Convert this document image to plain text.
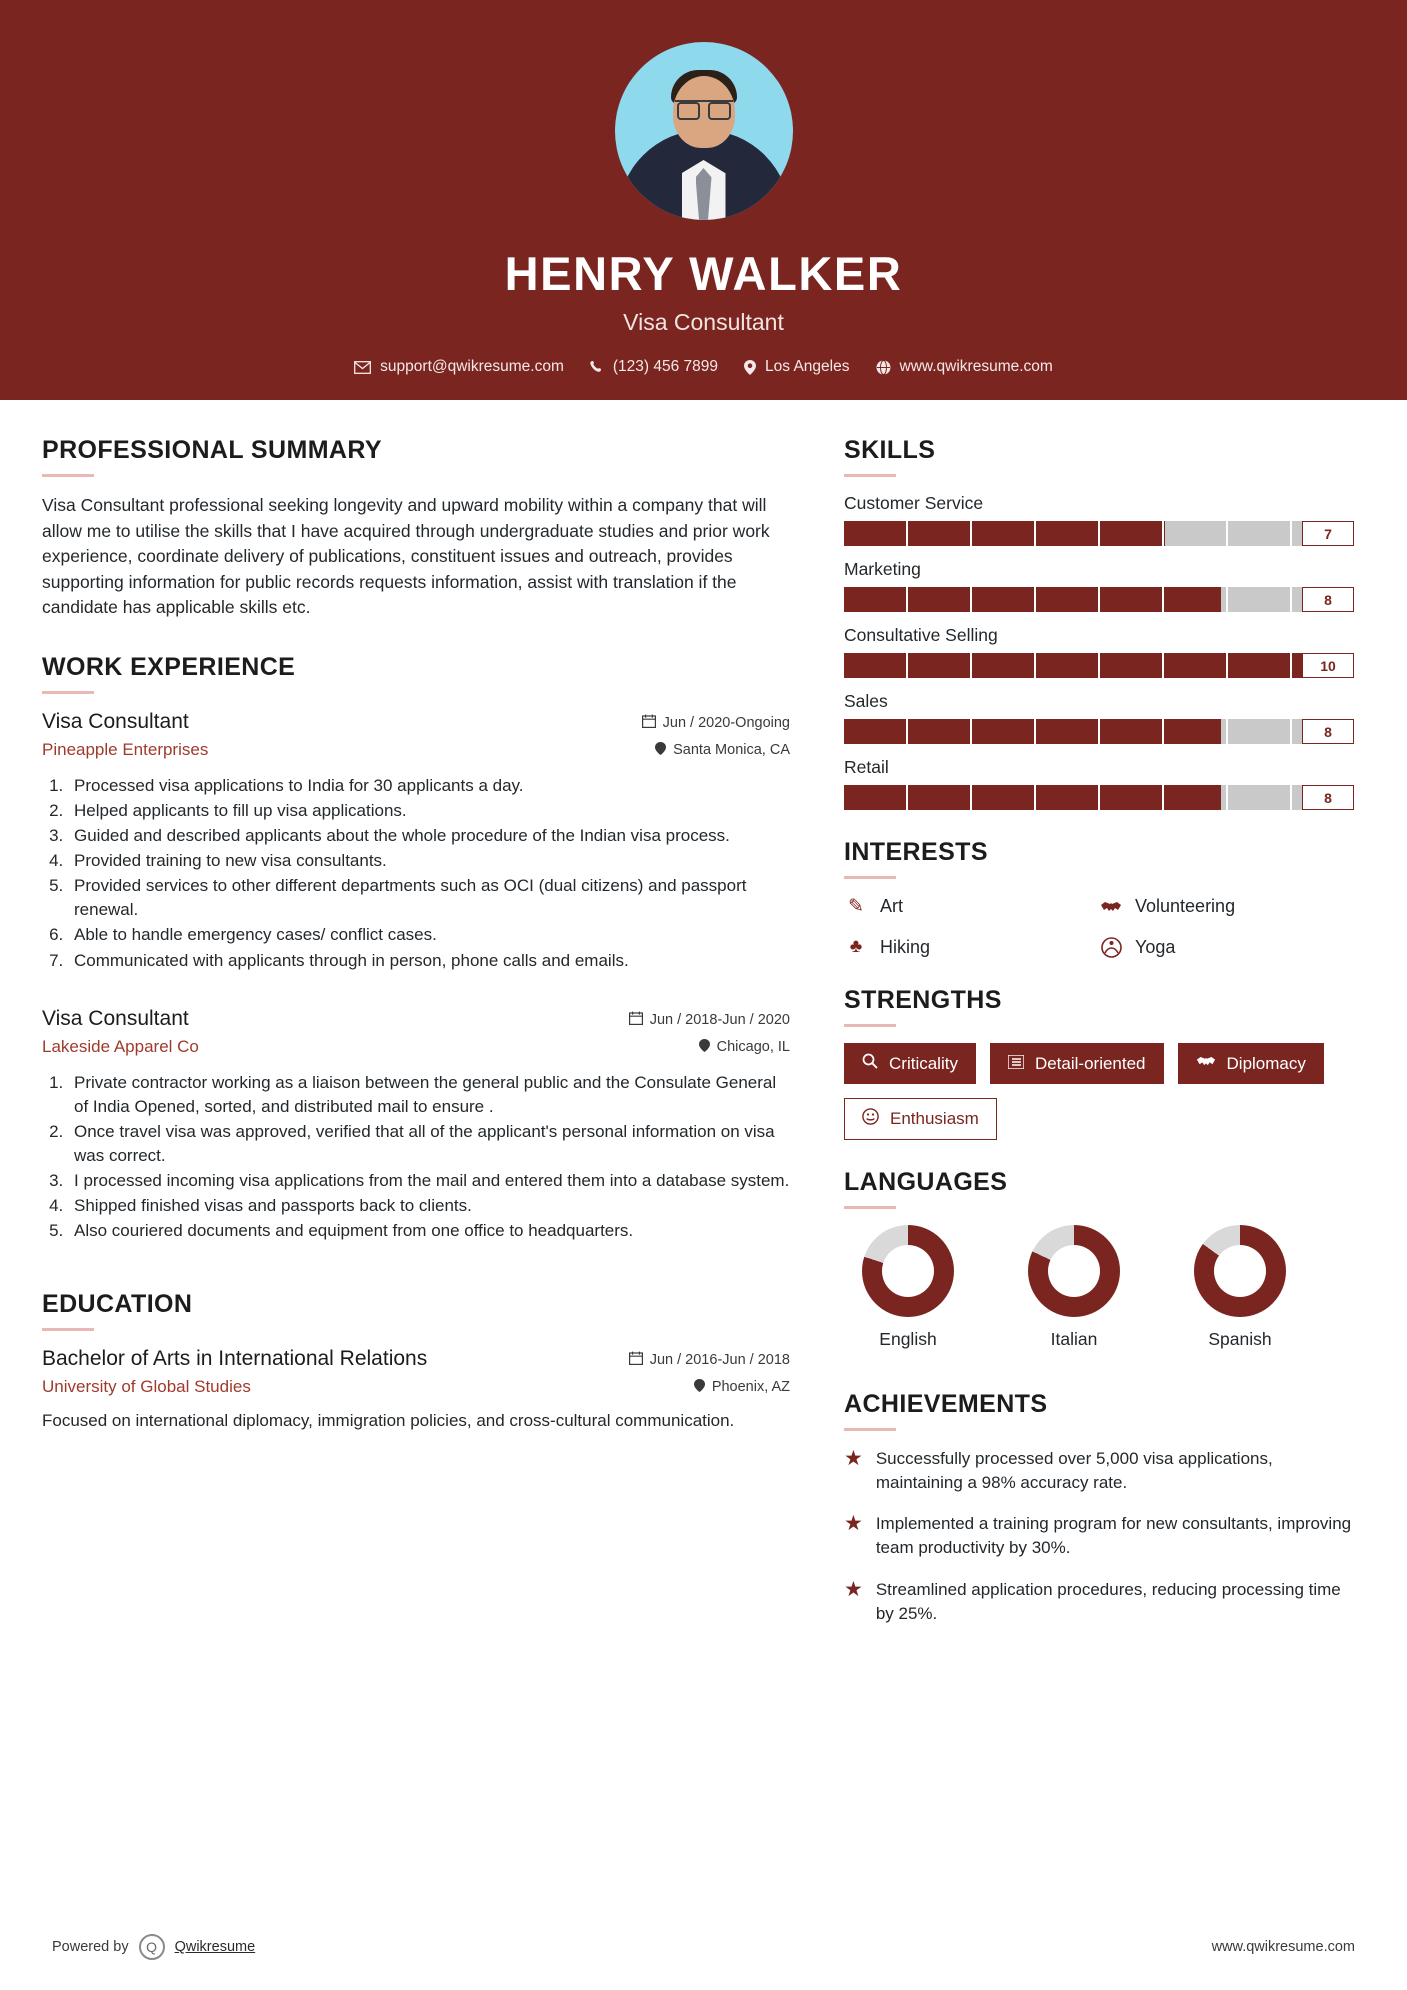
HENRY WALKER
Visa Consultant
support@qwikresume.com	(123) 456 7899	Los Angeles	www.qwikresume.com
PROFESSIONAL SUMMARY

Visa Consultant professional seeking longevity and upward mobility within a company that will allow me to utilise the skills that I have acquired through undergraduate studies and prior work experience, coordinate delivery of publications, constituent issues and outreach, provides supporting information for public records requests information, assist with translation if the candidate has applicable skills etc.

WORK EXPERIENCE
Visa Consultant	Jun / 2020-Ongoing
Pineapple Enterprises	Santa Monica, CA
1. Processed visa applications to India for 30 applicants a day.
2. Helped applicants to fill up visa applications.
3. Guided and described applicants about the whole procedure of the Indian visa process.
4. Provided training to new visa consultants.
5. Provided services to other different departments such as OCI (dual citizens) and passport renewal.
6. Able to handle emergency cases/ conflict cases.
7. Communicated with applicants through in person, phone calls and emails.
Visa Consultant	Jun / 2018-Jun / 2020
Lakeside Apparel Co	Chicago, IL
1. Private contractor working as a liaison between the general public and the Consulate General of India Opened, sorted, and distributed mail to ensure .
2. Once travel visa was approved, verified that all of the applicant's personal information on visa was correct.
3. I processed incoming visa applications from the mail and entered them into a database system.
4. Shipped finished visas and passports back to clients.
5. Also couriered documents and equipment from one office to headquarters.
EDUCATION
Bachelor of Arts in International Relations	Jun / 2016-Jun / 2018
University of Global Studies	Phoenix, AZ

Focused on international diplomacy, immigration policies, and cross-cultural communication.

SKILLS
Customer Service
7
Marketing
8
Consultative Selling
10
Sales
8
Retail
8
INTERESTS
✎ Art	Volunteering
♣ Hiking	Yoga
STRENGTHS
Criticality	Detail-oriented	Diplomacy
Enthusiasm
LANGUAGES
English	Italian	Spanish
ACHIEVEMENTS
★ Successfully processed over 5,000 visa applications, maintaining a 98% accuracy rate.
★ Implemented a training program for new consultants, improving team productivity by 30%.
★ Streamlined application procedures, reducing processing time by 25%.
Powered by	Q	Qwikresume	www.qwikresume.com
